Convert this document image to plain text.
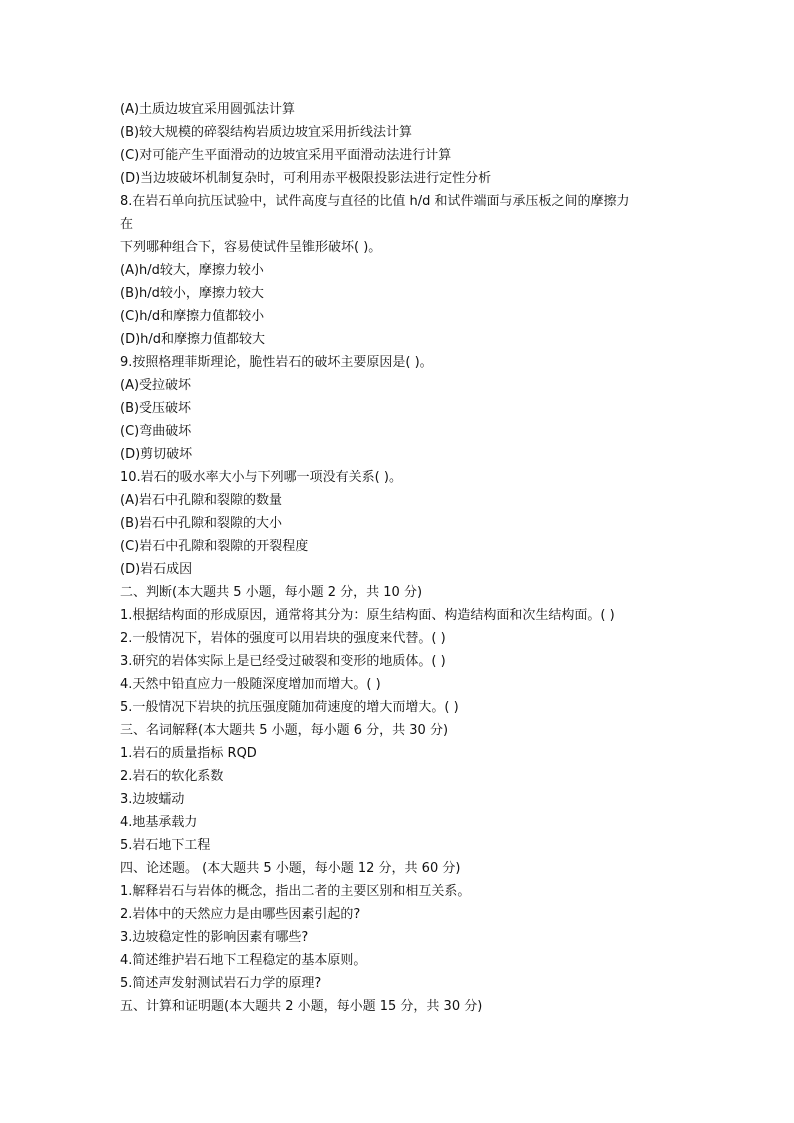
(A)土质边坡宜采用圆弧法计算
(B)较大规模的碎裂结构岩质边坡宜采用折线法计算
(C)对可能产生平面滑动的边坡宜采用平面滑动法进行计算
(D)当边坡破坏机制复杂时，可利用赤平极限投影法进行定性分析
8.在岩石单向抗压试验中，试件高度与直径的比值 h/d 和试件端面与承压板之间的摩擦力
在
下列哪种组合下，容易使试件呈锥形破坏( )。
(A)h/d较大，摩擦力较小
(B)h/d较小，摩擦力较大
(C)h/d和摩擦力值都较小
(D)h/d和摩擦力值都较大
9.按照格理菲斯理论，脆性岩石的破坏主要原因是( )。
(A)受拉破坏
(B)受压破坏
(C)弯曲破坏
(D)剪切破坏
10.岩石的吸水率大小与下列哪一项没有关系( )。
(A)岩石中孔隙和裂隙的数量
(B)岩石中孔隙和裂隙的大小
(C)岩石中孔隙和裂隙的开裂程度
(D)岩石成因
二、判断(本大题共 5 小题，每小题 2 分，共 10 分)
1.根据结构面的形成原因，通常将其分为：原生结构面、构造结构面和次生结构面。( )
2.一般情况下，岩体的强度可以用岩块的强度来代替。( )
3.研究的岩体实际上是已经受过破裂和变形的地质体。( )
4.天然中铅直应力一般随深度增加而增大。( )
5.一般情况下岩块的抗压强度随加荷速度的增大而增大。( )
三、名词解释(本大题共 5 小题，每小题 6 分，共 30 分)
1.岩石的质量指标 RQD
2.岩石的软化系数
3.边坡蠕动
4.地基承载力
5.岩石地下工程
四、论述题。 (本大题共 5 小题，每小题 12 分，共 60 分)
1.解释岩石与岩体的概念，指出二者的主要区别和相互关系。
2.岩体中的天然应力是由哪些因素引起的?
3.边坡稳定性的影响因素有哪些?
4.简述维护岩石地下工程稳定的基本原则。
5.简述声发射测试岩石力学的原理?
五、计算和证明题(本大题共 2 小题，每小题 15 分，共 30 分)
